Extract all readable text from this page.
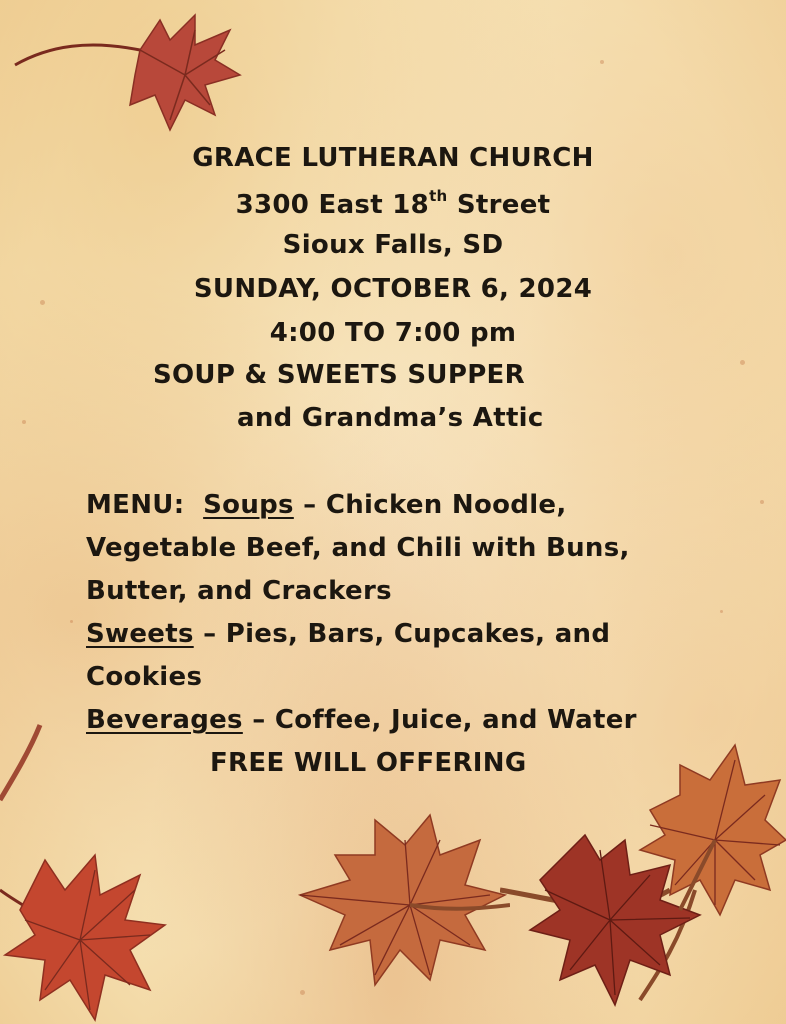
GRACE LUTHERAN CHURCH
3300 East 18th Street
Sioux Falls, SD
SUNDAY, OCTOBER 6, 2024
4:00 TO 7:00 pm
SOUP & SWEETS SUPPER
and Grandma’s Attic
MENU: Soups – Chicken Noodle,
Vegetable Beef, and Chili with Buns,
Butter, and Crackers
Sweets – Pies, Bars, Cupcakes, and
Cookies
Beverages – Coffee, Juice, and Water
FREE WILL OFFERING
